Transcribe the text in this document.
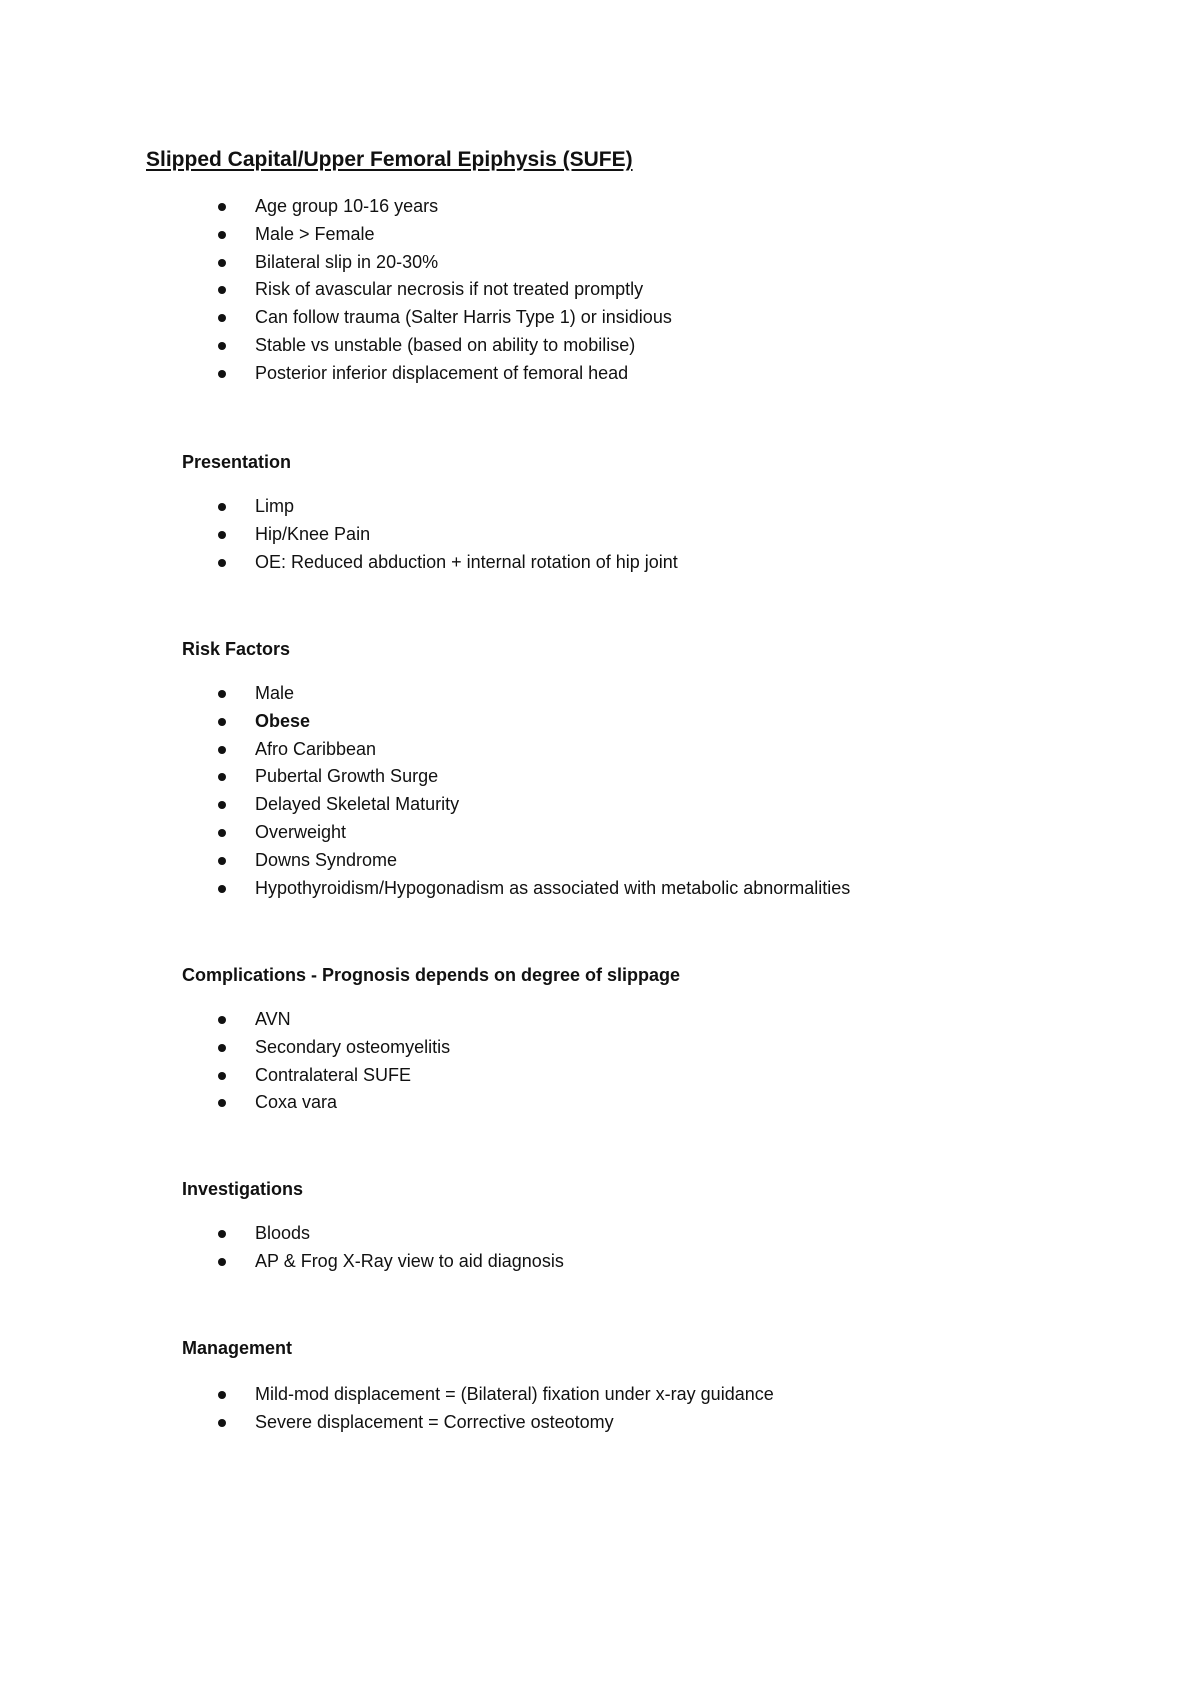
Slipped Capital/Upper Femoral Epiphysis (SUFE)
Age group 10-16 years
Male > Female
Bilateral slip in 20-30%
Risk of avascular necrosis if not treated promptly
Can follow trauma (Salter Harris Type 1) or insidious
Stable vs unstable (based on ability to mobilise)
Posterior inferior displacement of femoral head
Presentation
Limp
Hip/Knee Pain
OE: Reduced abduction + internal rotation of hip joint
Risk Factors
Male
Obese
Afro Caribbean
Pubertal Growth Surge
Delayed Skeletal Maturity
Overweight
Downs Syndrome
Hypothyroidism/Hypogonadism as associated with metabolic abnormalities
Complications - Prognosis depends on degree of slippage
AVN
Secondary osteomyelitis
Contralateral SUFE
Coxa vara
Investigations
Bloods
AP & Frog X-Ray view to aid diagnosis
Management
Mild-mod displacement = (Bilateral) fixation under x-ray guidance
Severe displacement = Corrective osteotomy
